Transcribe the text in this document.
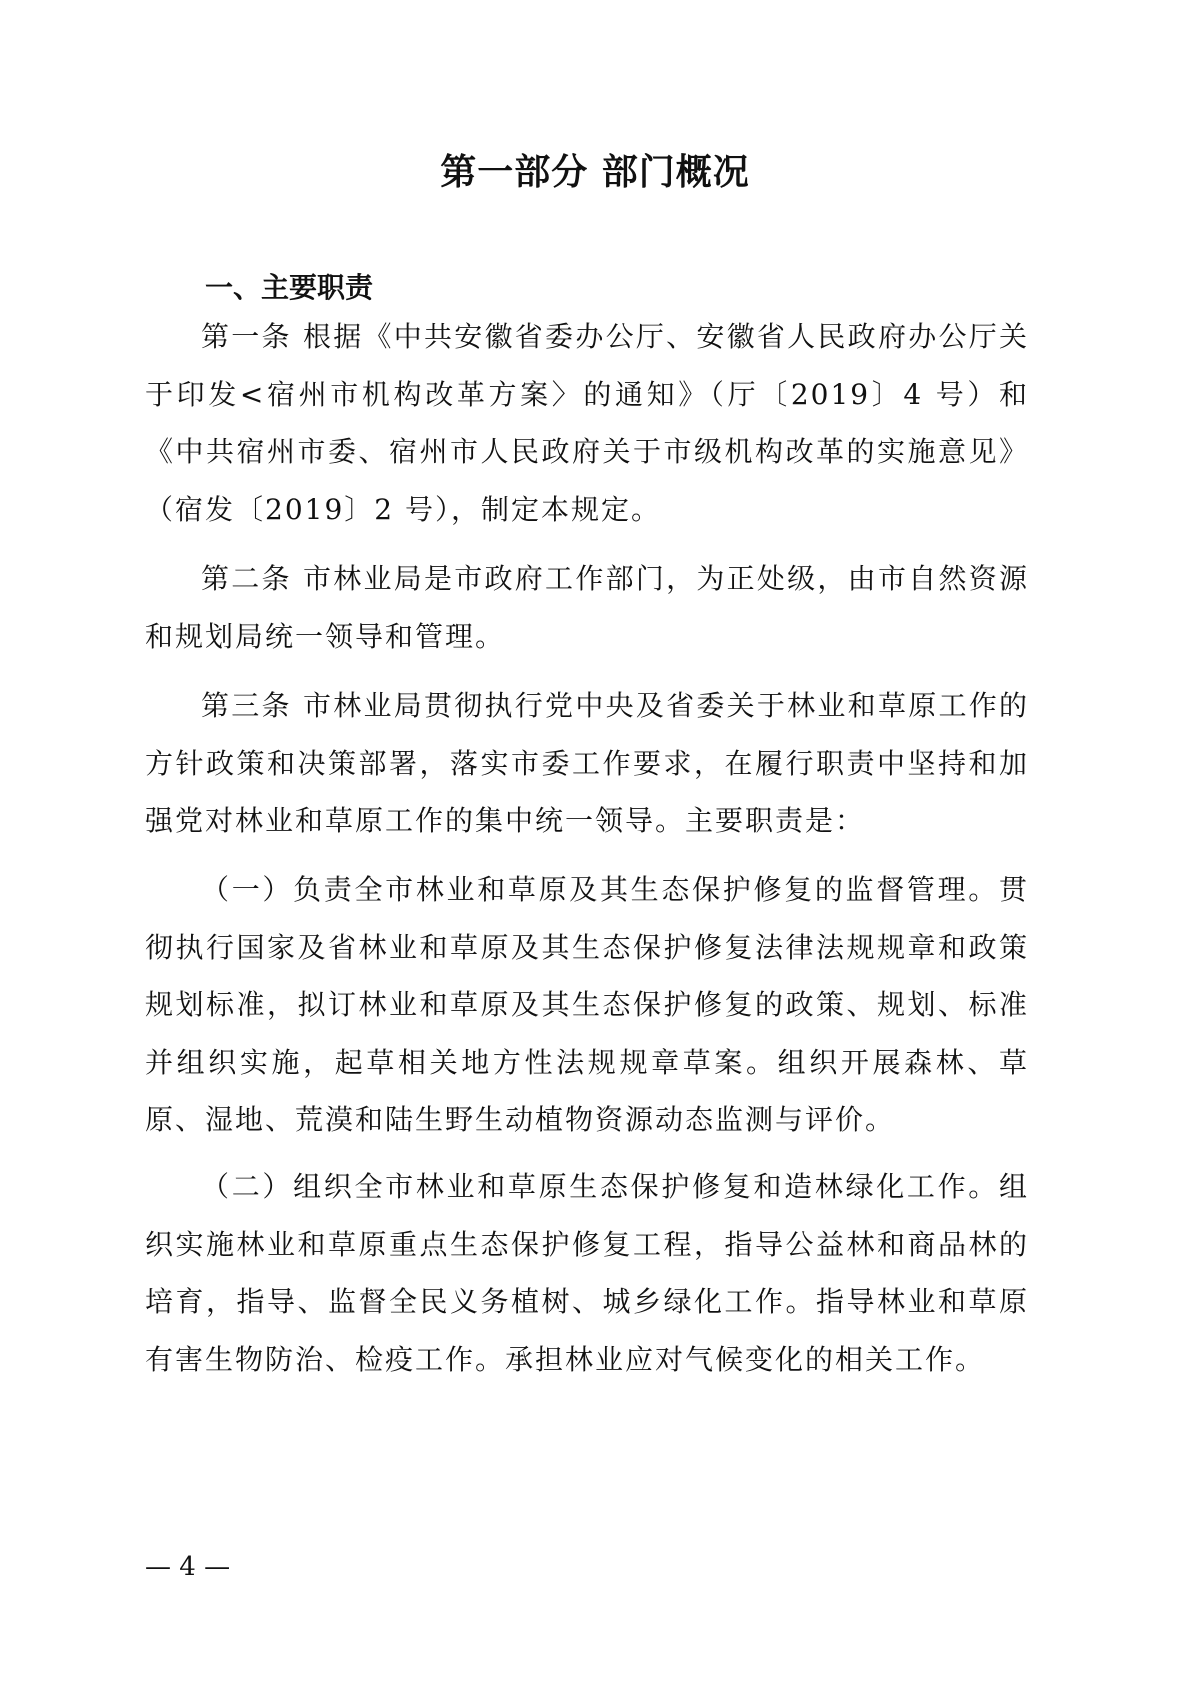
第一部分 部门概况
一、主要职责

第一条 根据《中共安徽省委办公厅、安徽省人民政府办公厅关于印发<宿州市机构改革方案〉的通知》（厅〔2019〕4 号）和《中共宿州市委、宿州市人民政府关于市级机构改革的实施意见》（宿发〔2019〕2 号），制定本规定。

第二条 市林业局是市政府工作部门，为正处级，由市自然资源和规划局统一领导和管理。

第三条 市林业局贯彻执行党中央及省委关于林业和草原工作的方针政策和决策部署，落实市委工作要求，在履行职责中坚持和加强党对林业和草原工作的集中统一领导。主要职责是：

（一）负责全市林业和草原及其生态保护修复的监督管理。贯彻执行国家及省林业和草原及其生态保护修复法律法规规章和政策规划标准，拟订林业和草原及其生态保护修复的政策、规划、标准并组织实施，起草相关地方性法规规章草案。组织开展森林、草原、湿地、荒漠和陆生野生动植物资源动态监测与评价。

（二）组织全市林业和草原生态保护修复和造林绿化工作。组织实施林业和草原重点生态保护修复工程，指导公益林和商品林的培育，指导、监督全民义务植树、城乡绿化工作。指导林业和草原有害生物防治、检疫工作。承担林业应对气候变化的相关工作。

— 4 —
